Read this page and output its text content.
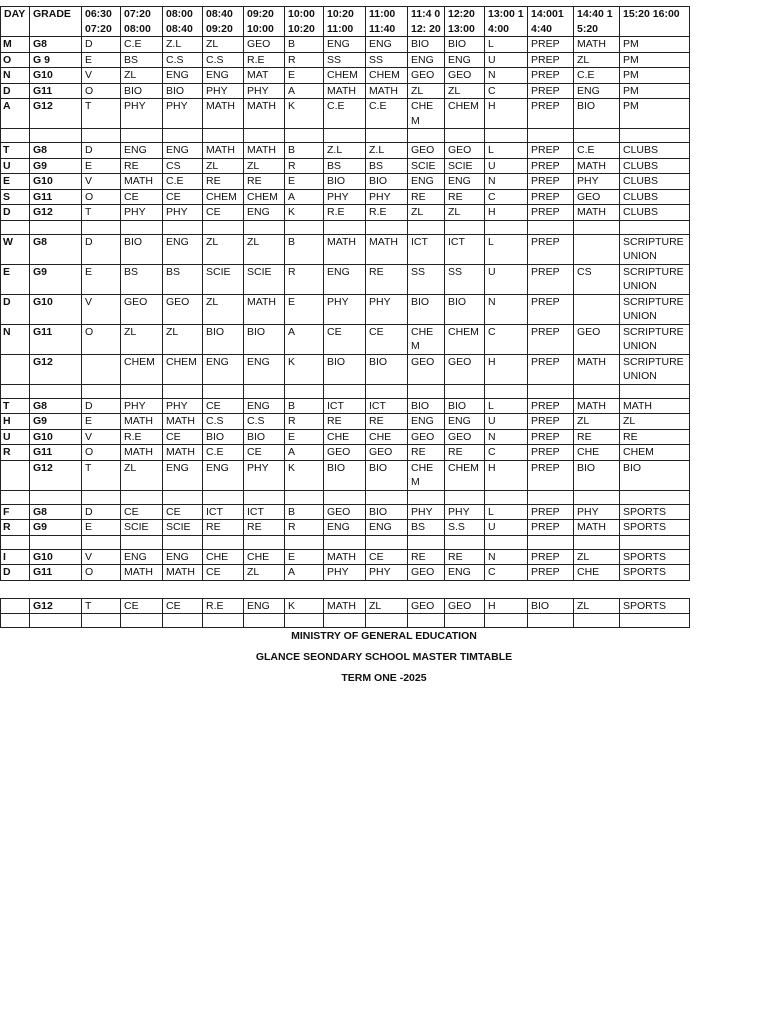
DAY	GRADE	06:30 07:20	07:20 08:00	08:00 08:40	08:40 09:20	09:20 10:00	10:00 10:20	10:20 11:00	11:00 11:40	11:4 012: 20	12:20 13:00	13:00 14:00	14:001 4:40	14:40 15:20	15:20 16:00
M	G8	D	C.E	Z.L	ZL	GEO	B	ENG	ENG	BIO	BIO	L	PREP	MATH	PM
O	G 9	E	BS	C.S	C.S	R.E	R	SS	SS	ENG	ENG	U	PREP	ZL	PM
N	G10	V	ZL	ENG	ENG	MAT	E	CHEM	CHEM	GEO	GEO	N	PREP	C.E	PM
D	G11	O	BIO	BIO	PHY	PHY	A	MATH	MATH	ZL	ZL	C	PREP	ENG	PM
A	G12	T	PHY	PHY	MATH	MATH	K	C.E	C.E	CHE M	CHEM	H	PREP	BIO	PM

T	G8	D	ENG	ENG	MATH	MATH	B	Z.L	Z.L	GEO	GEO	L	PREP	C.E	CLUBS
U	G9	E	RE	CS	ZL	ZL	R	BS	BS	SCIE	SCIE	U	PREP	MATH	CLUBS
E	G10	V	MATH	C.E	RE	RE	E	BIO	BIO	ENG	ENG	N	PREP	PHY	CLUBS
S	G11	O	CE	CE	CHEM	CHEM	A	PHY	PHY	RE	RE	C	PREP	GEO	CLUBS
D	G12	T	PHY	PHY	CE	ENG	K	R.E	R.E	ZL	ZL	H	PREP	MATH	CLUBS

W	G8	D	BIO	ENG	ZL	ZL	B	MATH	MATH	ICT	ICT	L	PREP		SCRIPTURE UNION
E	G9	E	BS	BS	SCIE	SCIE	R	ENG	RE	SS	SS	U	PREP	CS	SCRIPTURE UNION
D	G10	V	GEO	GEO	ZL	MATH	E	PHY	PHY	BIO	BIO	N	PREP		SCRIPTURE UNION
N	G11	O	ZL	ZL	BIO	BIO	A	CE	CE	CHE M	CHEM	C	PREP	GEO	SCRIPTURE UNION
	G12		CHEM	CHEM	ENG	ENG	K	BIO	BIO	GEO	GEO	H	PREP	MATH	SCRIPTURE UNION

T	G8	D	PHY	PHY	CE	ENG	B	ICT	ICT	BIO	BIO	L	PREP	MATH	MATH
H	G9	E	MATH	MATH	C.S	C.S	R	RE	RE	ENG	ENG	U	PREP	ZL	ZL
U	G10	V	R.E	CE	BIO	BIO	E	CHE	CHE	GEO	GEO	N	PREP	RE	RE
R	G11	O	MATH	MATH	C.E	CE	A	GEO	GEO	RE	RE	C	PREP	CHE	CHEM
	G12	T	ZL	ENG	ENG	PHY	K	BIO	BIO	CHE M	CHEM	H	PREP	BIO	BIO

F	G8	D	CE	CE	ICT	ICT	B	GEO	BIO	PHY	PHY	L	PREP	PHY	SPORTS
R	G9	E	SCIE	SCIE	RE	RE	R	ENG	ENG	BS	S.S	U	PREP	MATH	SPORTS

I	G10	V	ENG	ENG	CHE	CHE	E	MATH	CE	RE	RE	N	PREP	ZL	SPORTS
D	G11	O	MATH	MATH	CE	ZL	A	PHY	PHY	GEO	ENG	C	PREP	CHE	SPORTS

	G12	T	CE	CE	R.E	ENG	K	MATH	ZL	GEO	GEO	H	BIO	ZL	SPORTS

MINISTRY OF GENERAL EDUCATION
GLANCE SEONDARY SCHOOL MASTER TIMTABLE
TERM ONE -2025
